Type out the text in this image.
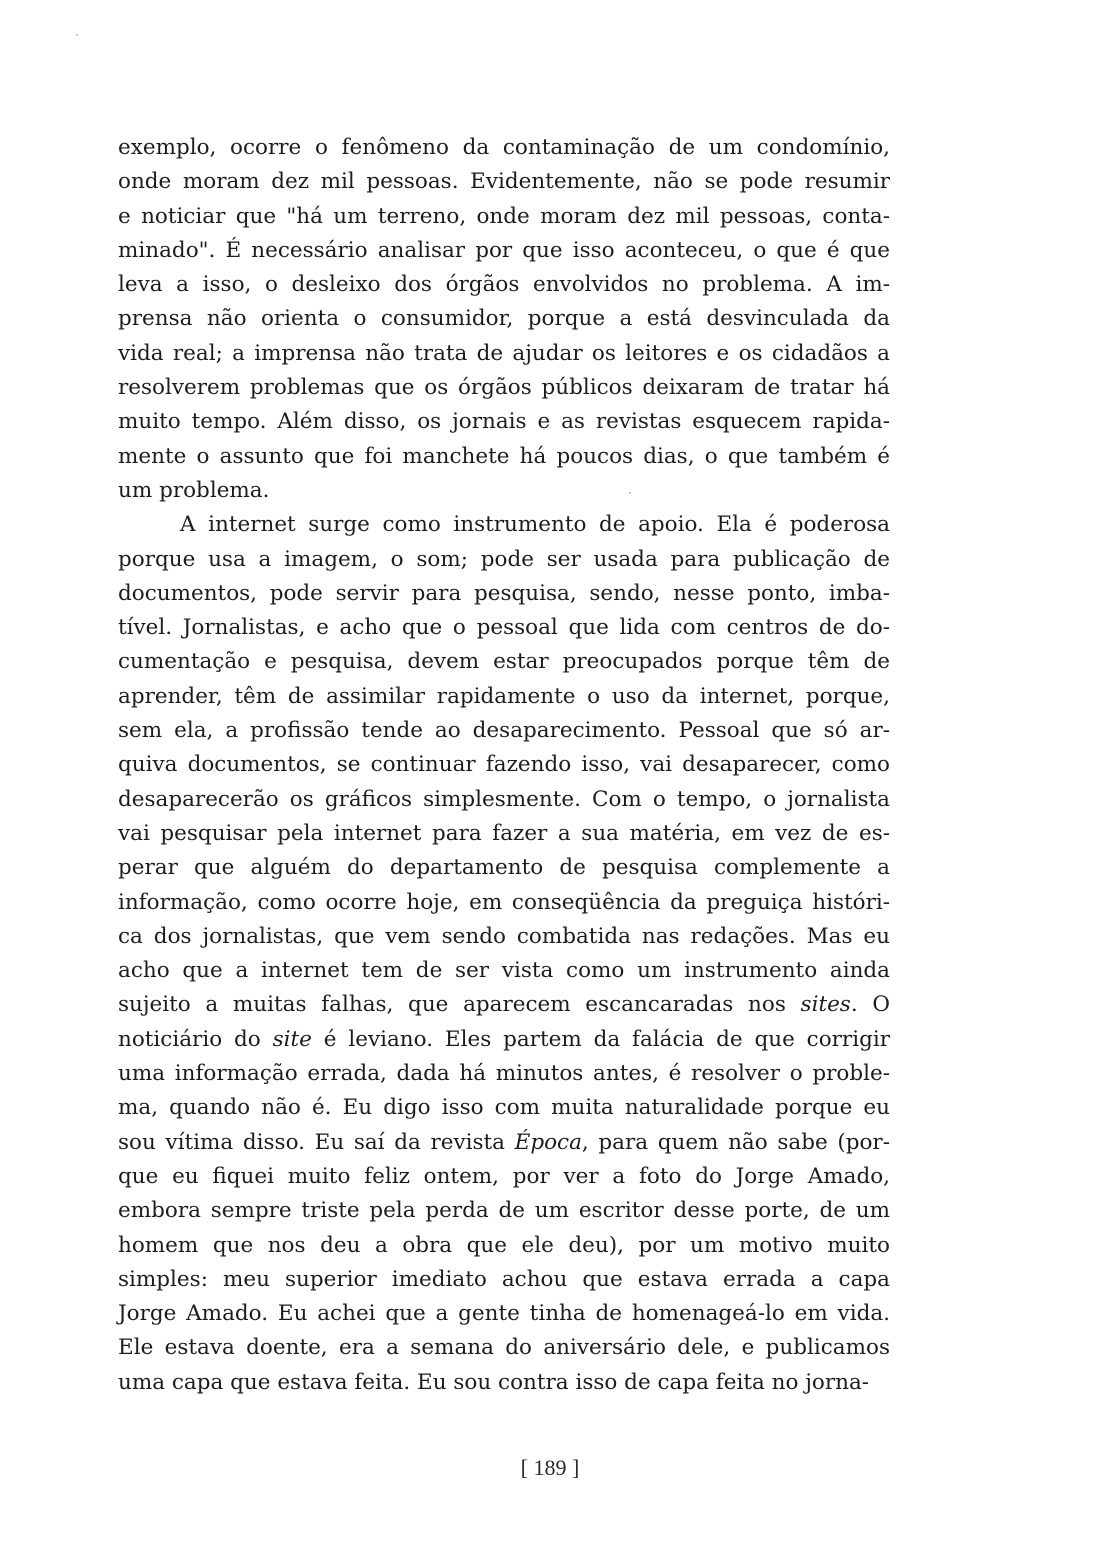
exemplo, ocorre o fenômeno da contaminação de um condomínio,
onde moram dez mil pessoas. Evidentemente, não se pode resumir
e noticiar que "há um terreno, onde moram dez mil pessoas, conta-
minado". É necessário analisar por que isso aconteceu, o que é que
leva a isso, o desleixo dos órgãos envolvidos no problema. A im-
prensa não orienta o consumidor, porque a está desvinculada da
vida real; a imprensa não trata de ajudar os leitores e os cidadãos a
resolverem problemas que os órgãos públicos deixaram de tratar há
muito tempo. Além disso, os jornais e as revistas esquecem rapida-
mente o assunto que foi manchete há poucos dias, o que também é
um problema.
A internet surge como instrumento de apoio. Ela é poderosa
porque usa a imagem, o som; pode ser usada para publicação de
documentos, pode servir para pesquisa, sendo, nesse ponto, imba-
tível. Jornalistas, e acho que o pessoal que lida com centros de do-
cumentação e pesquisa, devem estar preocupados porque têm de
aprender, têm de assimilar rapidamente o uso da internet, porque,
sem ela, a profissão tende ao desaparecimento. Pessoal que só ar-
quiva documentos, se continuar fazendo isso, vai desaparecer, como
desaparecerão os gráficos simplesmente. Com o tempo, o jornalista
vai pesquisar pela internet para fazer a sua matéria, em vez de es-
perar que alguém do departamento de pesquisa complemente a
informação, como ocorre hoje, em conseqüência da preguiça históri-
ca dos jornalistas, que vem sendo combatida nas redações. Mas eu
acho que a internet tem de ser vista como um instrumento ainda
sujeito a muitas falhas, que aparecem escancaradas nos sites. O
noticiário do site é leviano. Eles partem da falácia de que corrigir
uma informação errada, dada há minutos antes, é resolver o proble-
ma, quando não é. Eu digo isso com muita naturalidade porque eu
sou vítima disso. Eu saí da revista Época, para quem não sabe (por-
que eu fiquei muito feliz ontem, por ver a foto do Jorge Amado,
embora sempre triste pela perda de um escritor desse porte, de um
homem que nos deu a obra que ele deu), por um motivo muito
simples: meu superior imediato achou que estava errada a capa
Jorge Amado. Eu achei que a gente tinha de homenageá-lo em vida.
Ele estava doente, era a semana do aniversário dele, e publicamos
uma capa que estava feita. Eu sou contra isso de capa feita no jorna-
[ 189 ]
